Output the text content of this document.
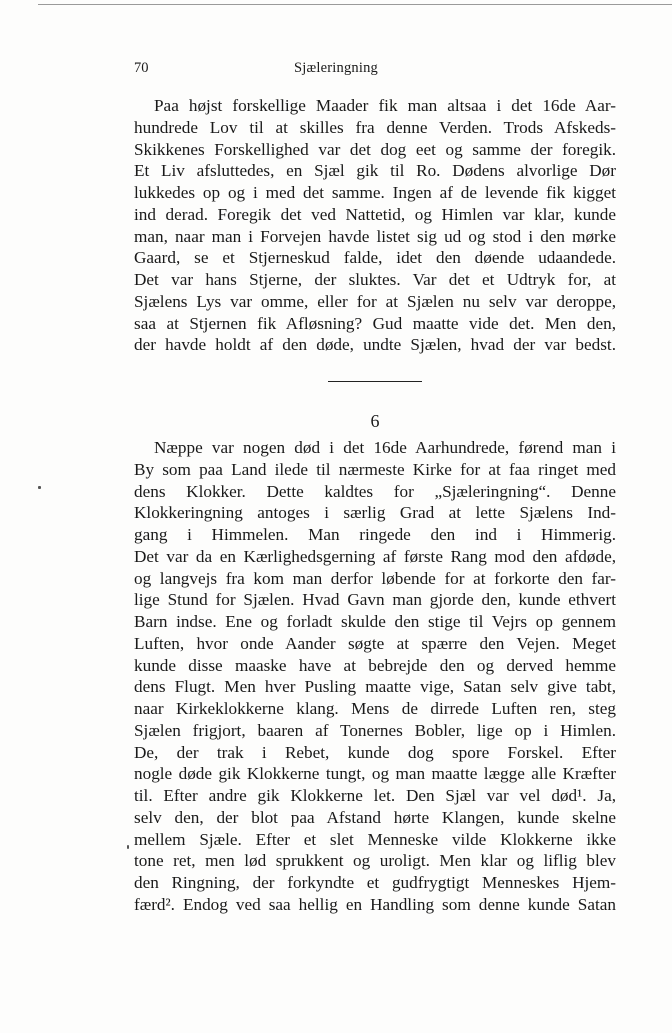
70	Sjæleringning
Paa højst forskellige Maader fik man altsaa i det 16de Aar-
hundrede Lov til at skilles fra denne Verden. Trods Afskeds-
Skikkenes Forskellighed var det dog eet og samme der foregik.
Et Liv afsluttedes, en Sjæl gik til Ro. Dødens alvorlige Dør
lukkedes op og i med det samme. Ingen af de levende fik kigget
ind derad. Foregik det ved Nattetid, og Himlen var klar, kunde
man, naar man i Forvejen havde listet sig ud og stod i den mørke
Gaard, se et Stjerneskud falde, idet den døende udaandede.
Det var hans Stjerne, der sluktes. Var det et Udtryk for, at
Sjælens Lys var omme, eller for at Sjælen nu selv var deroppe,
saa at Stjernen fik Afløsning? Gud maatte vide det. Men den,
der havde holdt af den døde, undte Sjælen, hvad der var bedst.
6
Næppe var nogen død i det 16de Aarhundrede, førend man i
By som paa Land ilede til nærmeste Kirke for at faa ringet med
dens Klokker. Dette kaldtes for „Sjæleringning“. Denne
Klokkeringning antoges i særlig Grad at lette Sjælens Ind-
gang i Himmelen. Man ringede den ind i Himmerig.
Det var da en Kærlighedsgerning af første Rang mod den afdøde,
og langvejs fra kom man derfor løbende for at forkorte den far-
lige Stund for Sjælen. Hvad Gavn man gjorde den, kunde ethvert
Barn indse. Ene og forladt skulde den stige til Vejrs op gennem
Luften, hvor onde Aander søgte at spærre den Vejen. Meget
kunde disse maaske have at bebrejde den og derved hemme
dens Flugt. Men hver Pusling maatte vige, Satan selv give tabt,
naar Kirkeklokkerne klang. Mens de dirrede Luften ren, steg
Sjælen frigjort, baaren af Tonernes Bobler, lige op i Himlen.
De, der trak i Rebet, kunde dog spore Forskel. Efter
nogle døde gik Klokkerne tungt, og man maatte lægge alle Kræfter
til. Efter andre gik Klokkerne let. Den Sjæl var vel død¹. Ja,
selv den, der blot paa Afstand hørte Klangen, kunde skelne
mellem Sjæle. Efter et slet Menneske vilde Klokkerne ikke
tone ret, men lød sprukkent og uroligt. Men klar og liflig blev
den Ringning, der forkyndte et gudfrygtigt Menneskes Hjem-
færd². Endog ved saa hellig en Handling som denne kunde Satan
